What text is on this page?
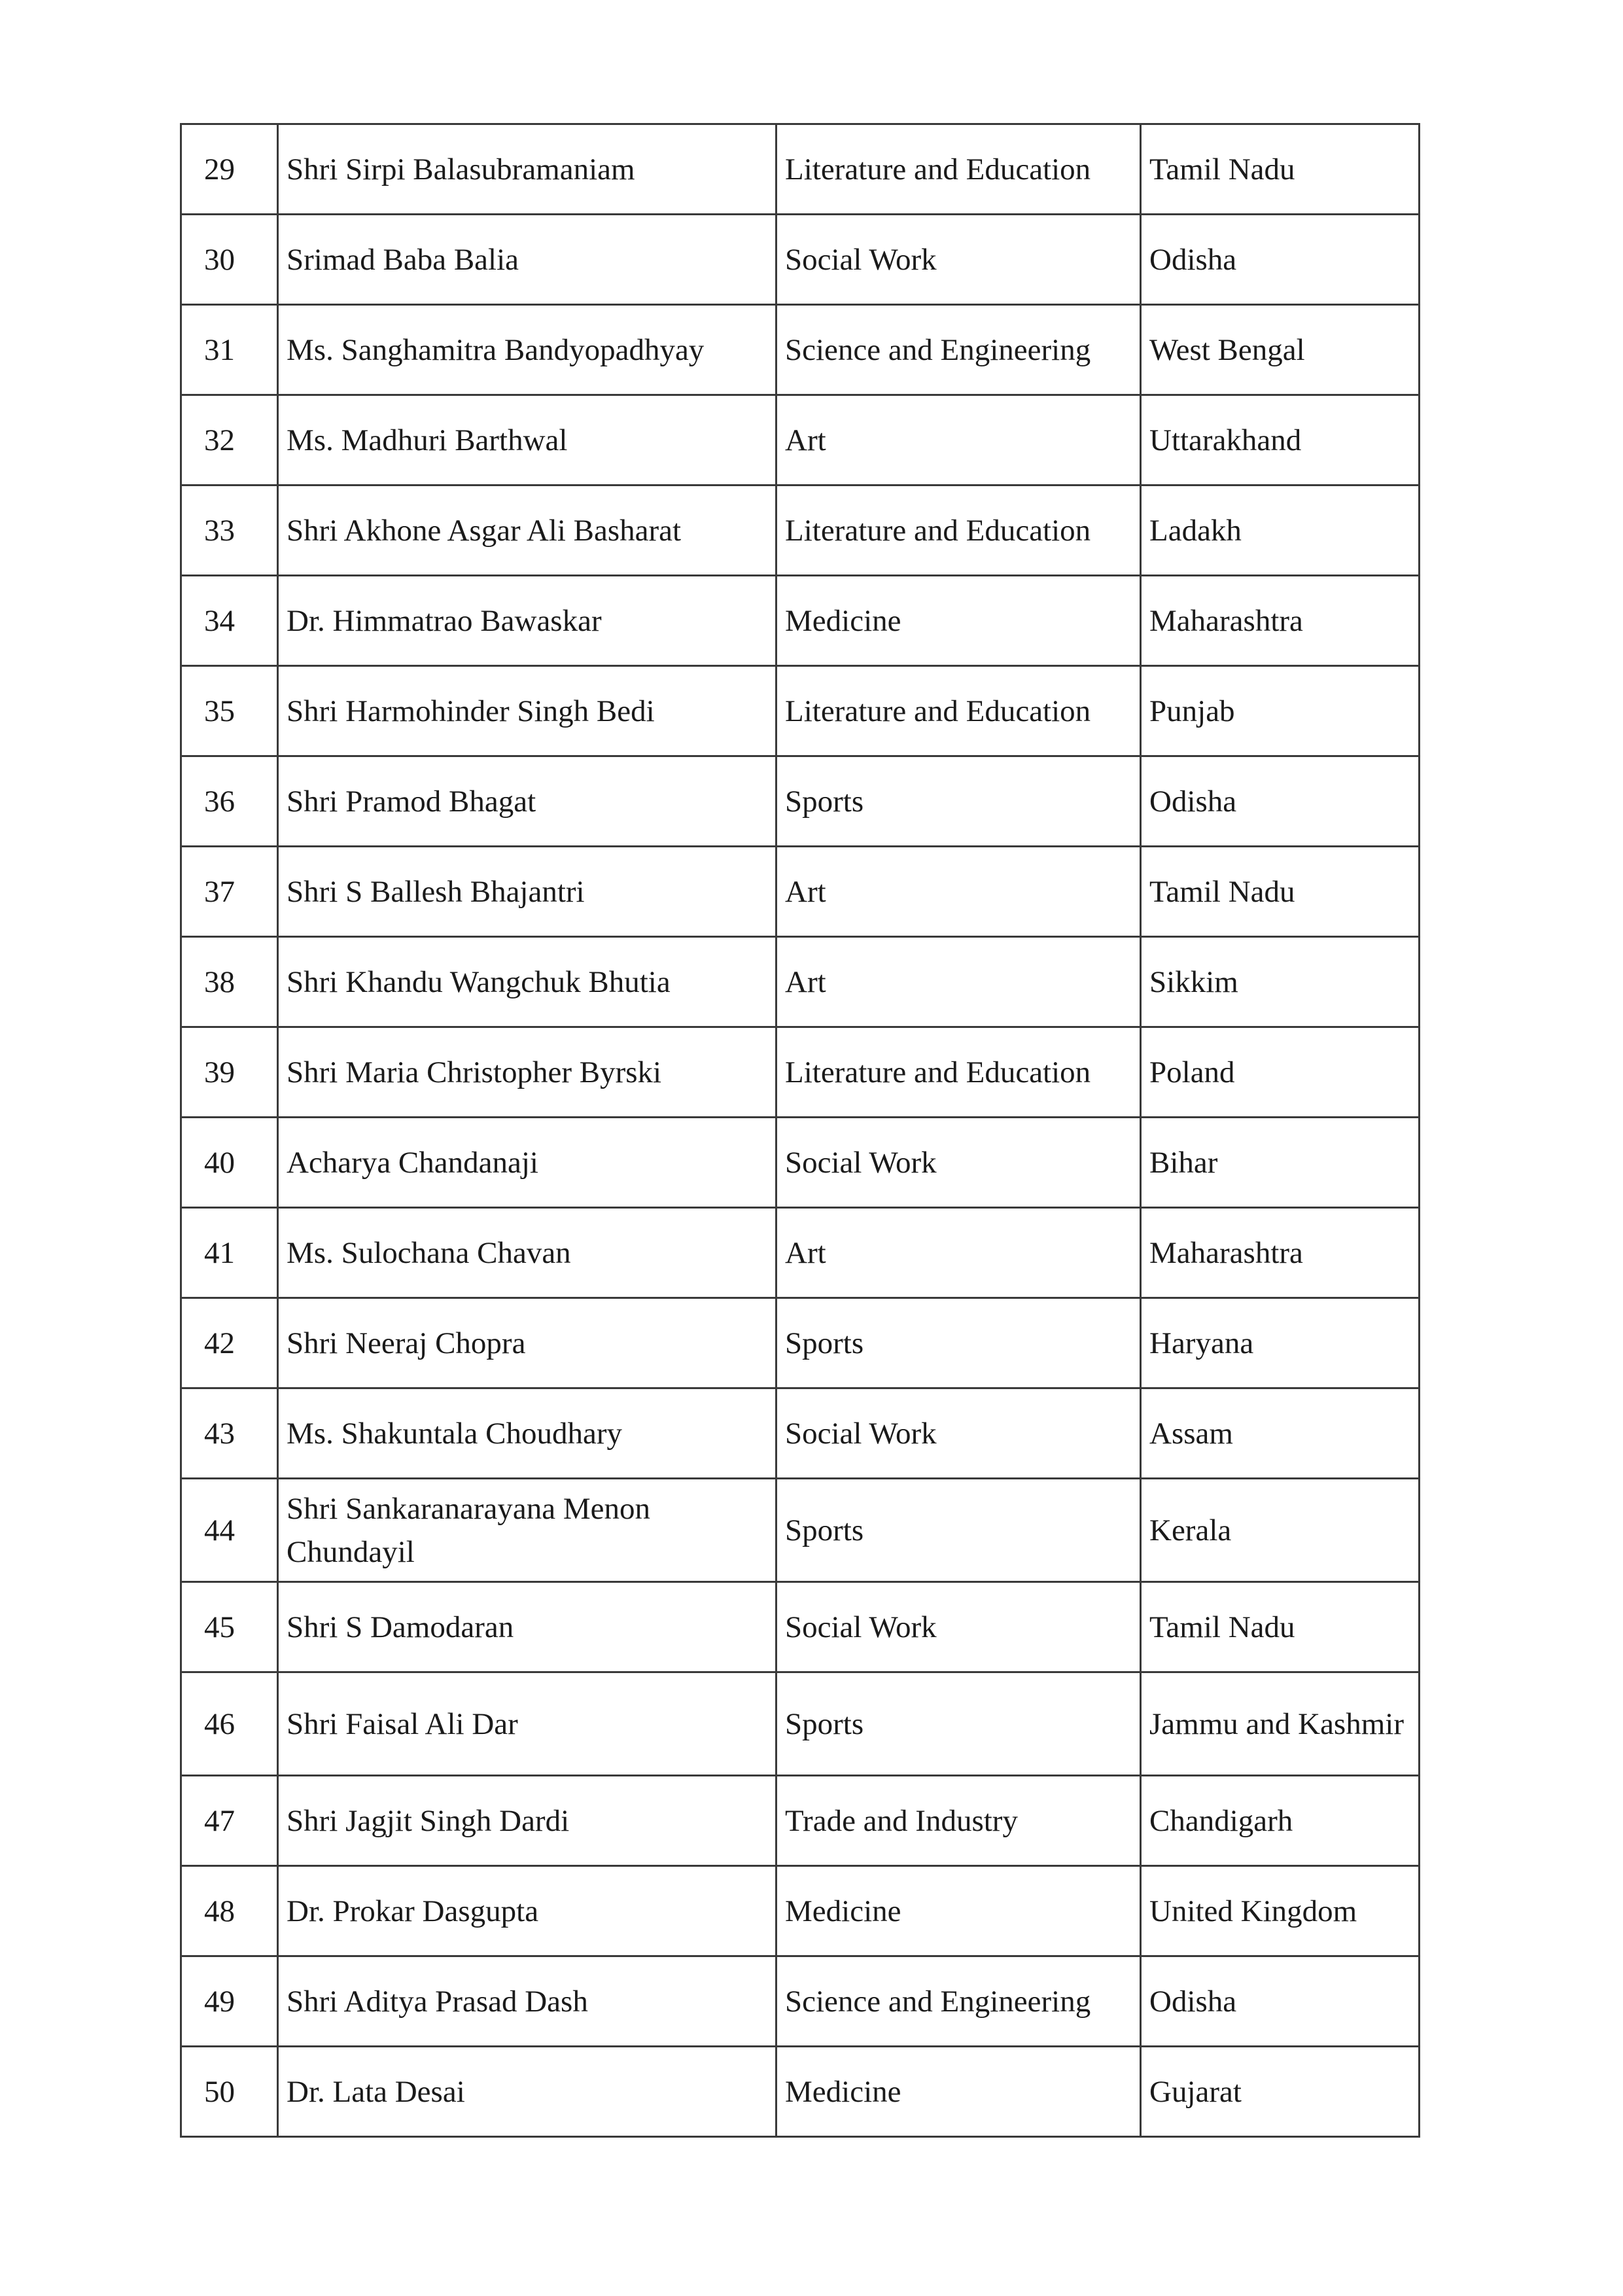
29	Shri Sirpi Balasubramaniam	Literature and Education	Tamil Nadu
30	Srimad Baba Balia	Social Work	Odisha
31	Ms. Sanghamitra Bandyopadhyay	Science and Engineering	West Bengal
32	Ms. Madhuri Barthwal	Art	Uttarakhand
33	Shri Akhone Asgar Ali Basharat	Literature and Education	Ladakh
34	Dr. Himmatrao Bawaskar	Medicine	Maharashtra
35	Shri Harmohinder Singh Bedi	Literature and Education	Punjab
36	Shri Pramod Bhagat	Sports	Odisha
37	Shri S Ballesh Bhajantri	Art	Tamil Nadu
38	Shri Khandu Wangchuk Bhutia	Art	Sikkim
39	Shri Maria Christopher Byrski	Literature and Education	Poland
40	Acharya Chandanaji	Social Work	Bihar
41	Ms. Sulochana Chavan	Art	Maharashtra
42	Shri Neeraj Chopra	Sports	Haryana
43	Ms. Shakuntala Choudhary	Social Work	Assam
44	Shri Sankaranarayana Menon Chundayil	Sports	Kerala
45	Shri S Damodaran	Social Work	Tamil Nadu
46	Shri Faisal Ali Dar	Sports	Jammu and Kashmir
47	Shri Jagjit Singh Dardi	Trade and Industry	Chandigarh
48	Dr. Prokar Dasgupta	Medicine	United Kingdom
49	Shri Aditya Prasad Dash	Science and Engineering	Odisha
50	Dr. Lata Desai	Medicine	Gujarat
